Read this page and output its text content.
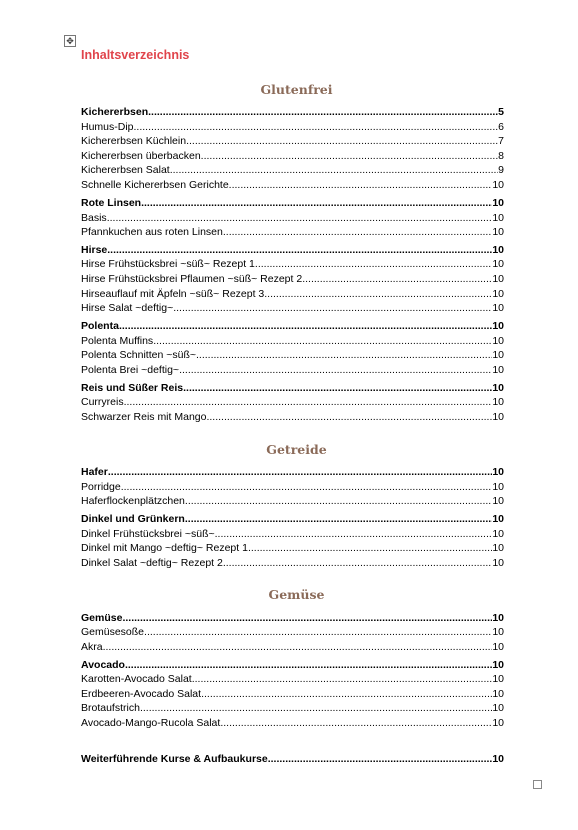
✥
Inhaltsverzeichnis
Glutenfrei
Kichererbsen .....	5
Humus-Dip .....	6
Kichererbsen Küchlein .....	7
Kichererbsen überbacken .....	8
Kichererbsen Salat .....	9
Schnelle Kichererbsen Gerichte .....	10
Rote Linsen .....	10
Basis .....	10
Pfannkuchen aus roten Linsen .....	10
Hirse .....	10
Hirse Frühstücksbrei ~süß~ Rezept 1 .....	10
Hirse Frühstücksbrei Pflaumen ~süß~ Rezept 2 .....	10
Hirseauflauf mit Äpfeln ~süß~ Rezept 3 .....	10
Hirse Salat ~deftig~ .....	10
Polenta .....	10
Polenta Muffins .....	10
Polenta Schnitten ~süß~ .....	10
Polenta Brei ~deftig~ .....	10
Reis und Süßer Reis .....	10
Curryreis .....	10
Schwarzer Reis mit Mango .....	10
Getreide
Hafer .....	10
Porridge .....	10
Haferflockenplätzchen .....	10
Dinkel und Grünkern .....	10
Dinkel Frühstücksbrei ~süß~ .....	10
Dinkel mit Mango ~deftig~ Rezept 1 .....	10
Dinkel Salat ~deftig~ Rezept 2 .....	10
Gemüse
Gemüse .....	10
Gemüsesoße .....	10
Akra .....	10
Avocado .....	10
Karotten-Avocado Salat .....	10
Erdbeeren-Avocado Salat .....	10
Brotaufstrich .....	10
Avocado-Mango-Rucola Salat .....	10
Weiterführende Kurse & Aufbaukurse .....	10
